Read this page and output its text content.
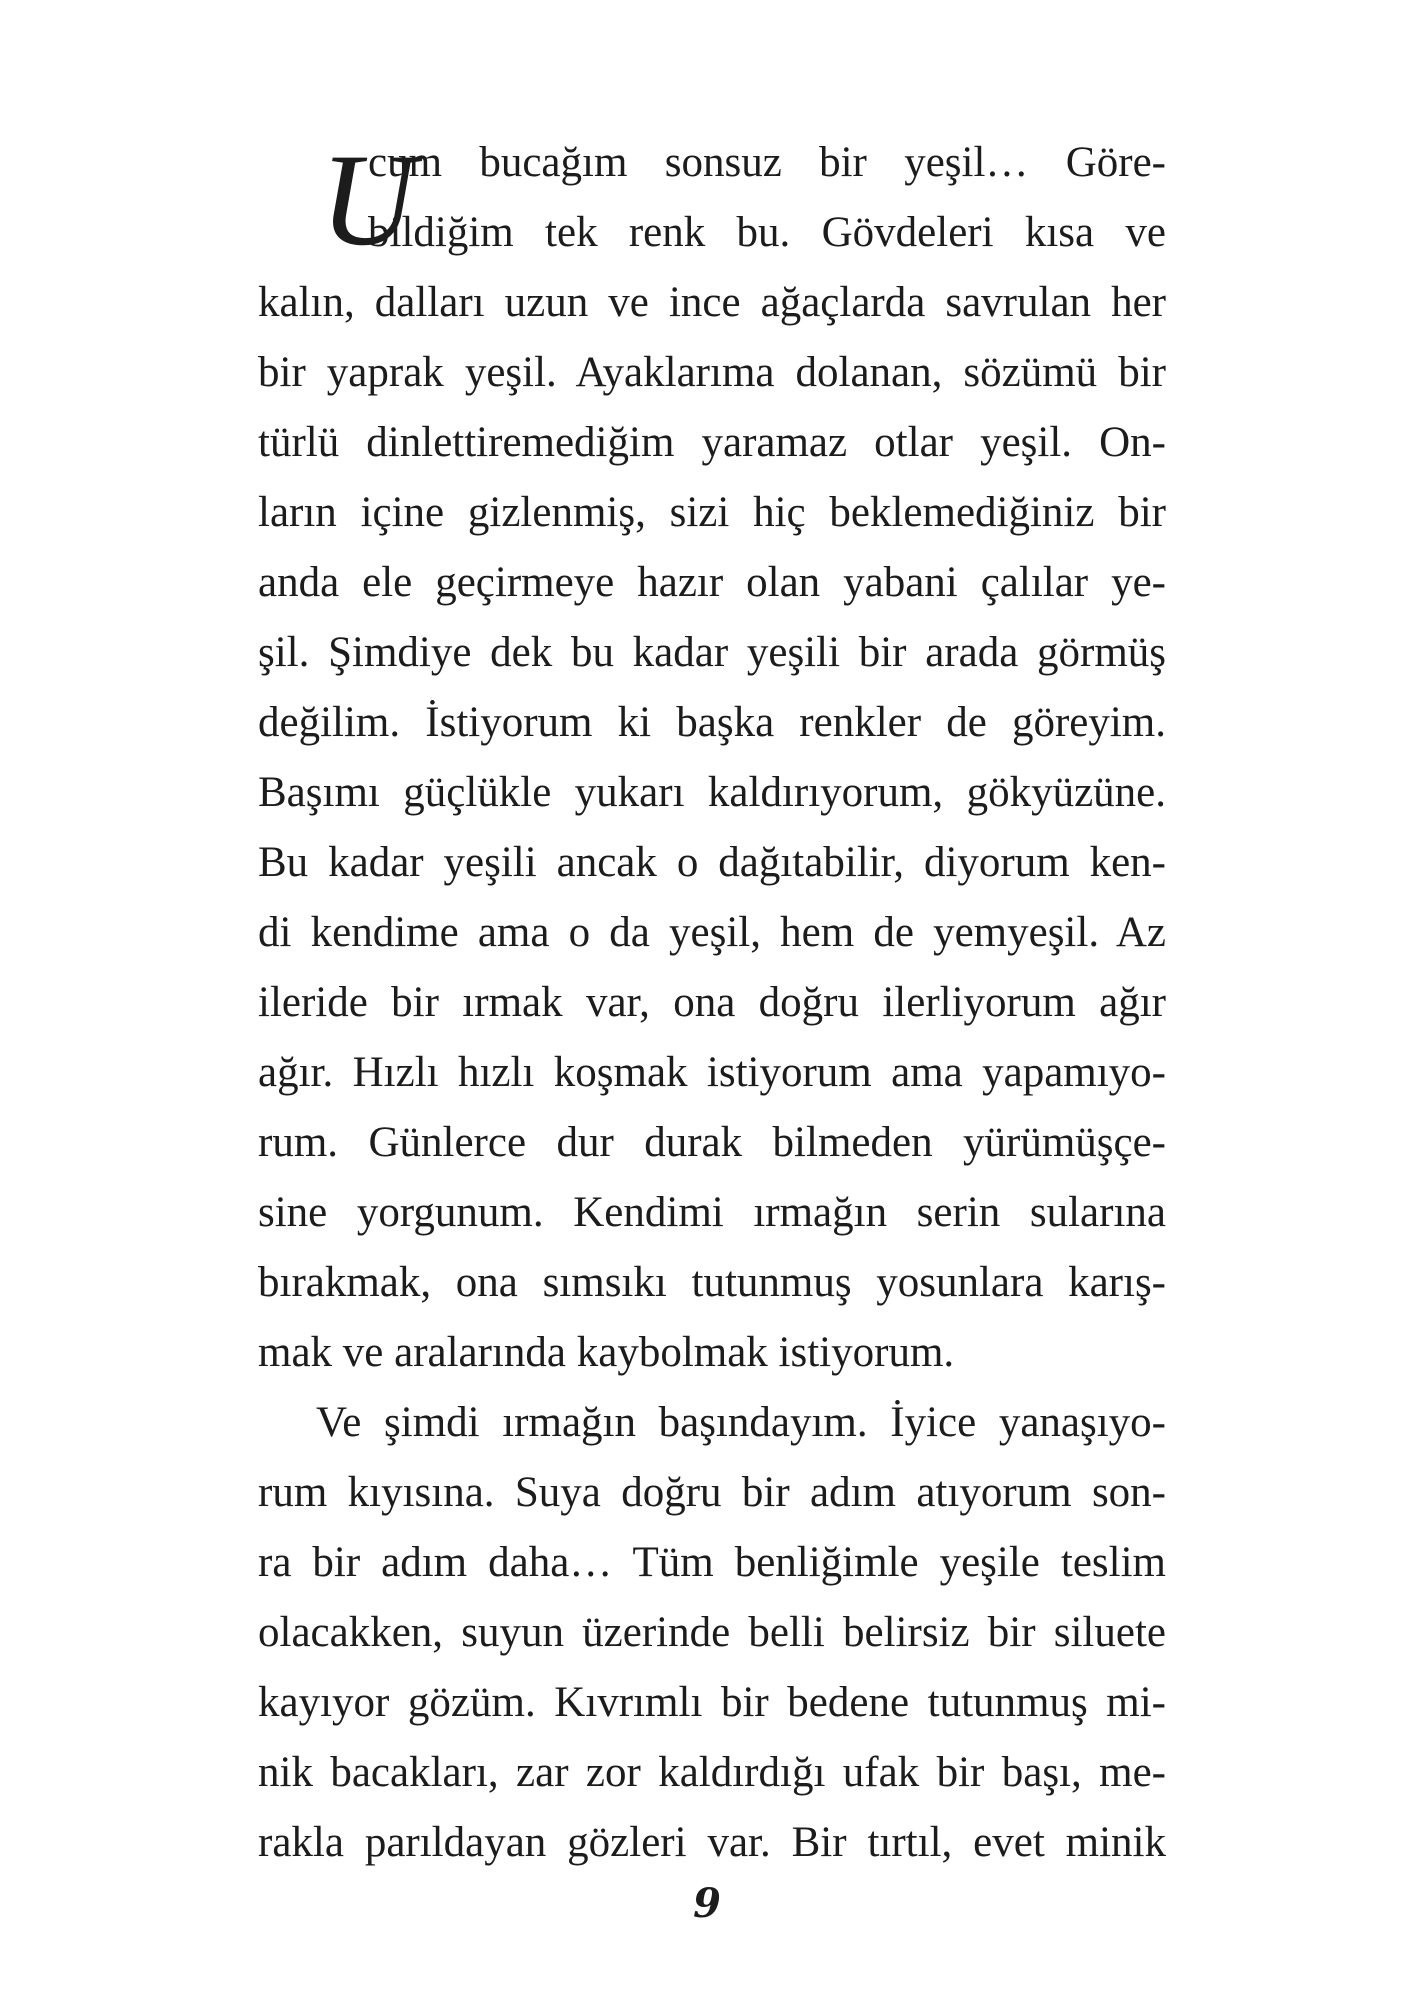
U
cum bucağım sonsuz bir yeşil… Göre-
bildiğim tek renk bu. Gövdeleri kısa ve
kalın, dalları uzun ve ince ağaçlarda savrulan her
bir yaprak yeşil. Ayaklarıma dolanan, sözümü bir
türlü dinlettiremediğim yaramaz otlar yeşil. On-
ların içine gizlenmiş, sizi hiç beklemediğiniz bir
anda ele geçirmeye hazır olan yabani çalılar ye-
şil. Şimdiye dek bu kadar yeşili bir arada görmüş
değilim. İstiyorum ki başka renkler de göreyim.
Başımı güçlükle yukarı kaldırıyorum, gökyüzüne.
Bu kadar yeşili ancak o dağıtabilir, diyorum ken-
di kendime ama o da yeşil, hem de yemyeşil. Az
ileride bir ırmak var, ona doğru ilerliyorum ağır
ağır. Hızlı hızlı koşmak istiyorum ama yapamıyo-
rum. Günlerce dur durak bilmeden yürümüşçe-
sine yorgunum. Kendimi ırmağın serin sularına
bırakmak, ona sımsıkı tutunmuş yosunlara karış-
mak ve aralarında kaybolmak istiyorum.
Ve şimdi ırmağın başındayım. İyice yanaşıyo-
rum kıyısına. Suya doğru bir adım atıyorum son-
ra bir adım daha… Tüm benliğimle yeşile teslim
olacakken, suyun üzerinde belli belirsiz bir siluete
kayıyor gözüm. Kıvrımlı bir bedene tutunmuş mi-
nik bacakları, zar zor kaldırdığı ufak bir başı, me-
rakla parıldayan gözleri var. Bir tırtıl, evet minik
9
